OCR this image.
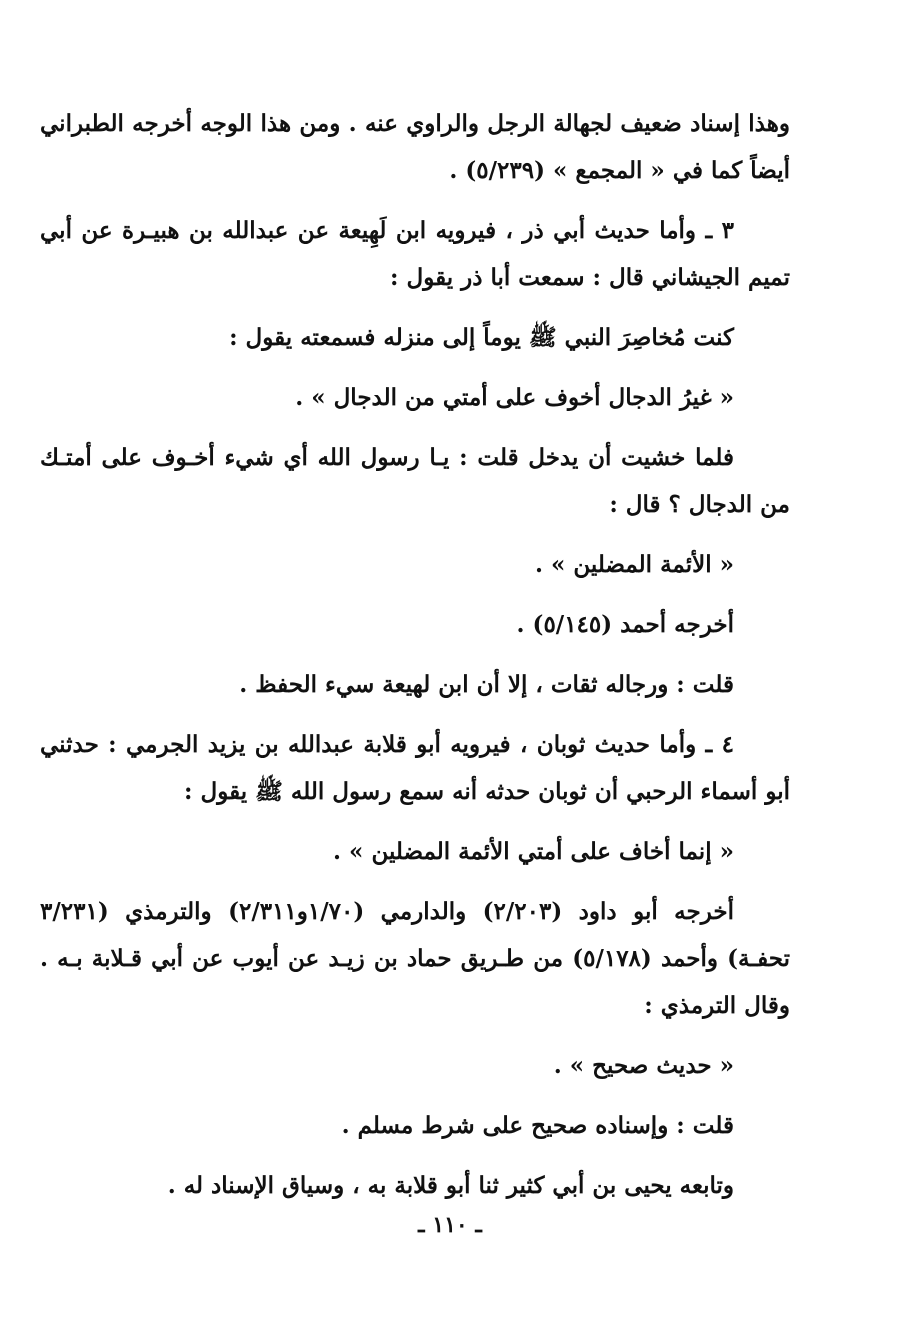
وهذا إسناد ضعيف لجهالة الرجل والراوي عنه . ومن هذا الوجه أخرجه الطبراني أيضاً كما في « المجمع » (٥/٢٣٩) .

٣ ـ وأما حديث أبي ذر ، فيرويه ابن لَهِيعة عن عبدالله بن هبيـرة عن أبي تميم الجيشاني قال : سمعت أبا ذر يقول :

كنت مُخاصِرَ النبي ﷺ يوماً إلى منزله فسمعته يقول :

« غيرُ الدجال أخوف على أمتي من الدجال » .

فلما خشيت أن يدخل قلت : يـا رسول الله أي شيء أخـوف على أمتـك من الدجال ؟ قال :

« الأئمة المضلين » .

أخرجه أحمد (٥/١٤٥) .

قلت : ورجاله ثقات ، إلا أن ابن لهيعة سيء الحفظ .

٤ ـ وأما حديث ثوبان ، فيرويه أبو قلابة عبدالله بن يزيد الجرمي : حدثني أبو أسماء الرحبي أن ثوبان حدثه أنه سمع رسول الله ﷺ يقول :

« إنما أخاف على أمتي الأئمة المضلين » .

أخرجه أبو داود (٢/٢٠٣) والدارمي (١/٧٠و٢/٣١١) والترمذي (٣/٢٣١ تحفـة) وأحمد (٥/١٧٨) من طـريق حماد بن زيـد عن أيوب عن أبي قـلابة بـه . وقال الترمذي :

« حديث صحيح » .

قلت : وإسناده صحيح على شرط مسلم .

وتابعه يحيى بن أبي كثير ثنا أبو قلابة به ، وسياق الإسناد له .

ـ ١١٠ ـ
